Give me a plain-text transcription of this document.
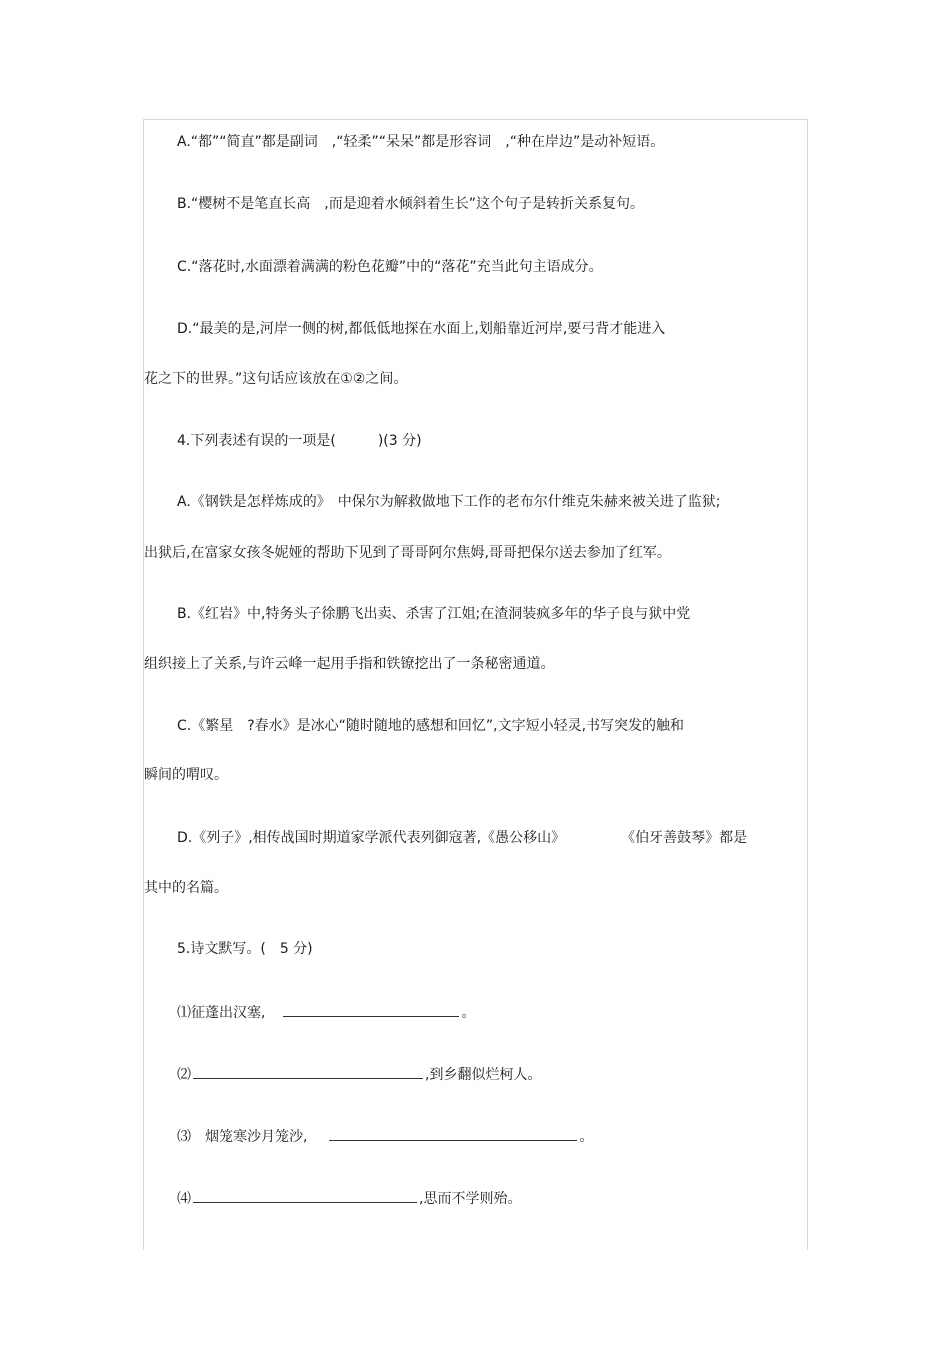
A.“都”“简直”都是副词　,“轻柔”“呆呆”都是形容词　,“种在岸边”是动补短语。
B.“樱树不是笔直长高　,而是迎着水倾斜着生长”这个句子是转折关系复句。
C.“落花时,水面漂着满满的粉色花瓣”中的“落花”充当此句主语成分。
D.“最美的是,河岸一侧的树,都低低地探在水面上,划船靠近河岸,要弓背才能进入
花之下的世界。”这句话应该放在①②之间。
4.下列表述有误的一项是(　　　)(3 分)
A.《钢铁是怎样炼成的》　中保尔为解救做地下工作的老布尔什维克朱赫来被关进了监狱;
出狱后,在富家女孩冬妮娅的帮助下见到了哥哥阿尔焦姆,哥哥把保尔送去参加了红军。
B.《红岩》中,特务头子徐鹏飞出卖、杀害了江姐;在渣洞装疯多年的华子良与狱中党
组织接上了关系,与许云峰一起用手指和铁镣挖出了一条秘密通道。
C.《繁星　?春水》是冰心“随时随地的感想和回忆”,文字短小轻灵,书写突发的触和
瞬间的喟叹。
D.《列子》,相传战国时期道家学派代表列御寇著,《愚公移山》	《伯牙善鼓琴》都是
其中的名篇。
5.诗文默写。(　5 分)
⑴征蓬出汉塞,	。
⑵	,到乡翻似烂柯人。
⑶　烟笼寒沙月笼沙,	。
⑷	,思而不学则殆。
